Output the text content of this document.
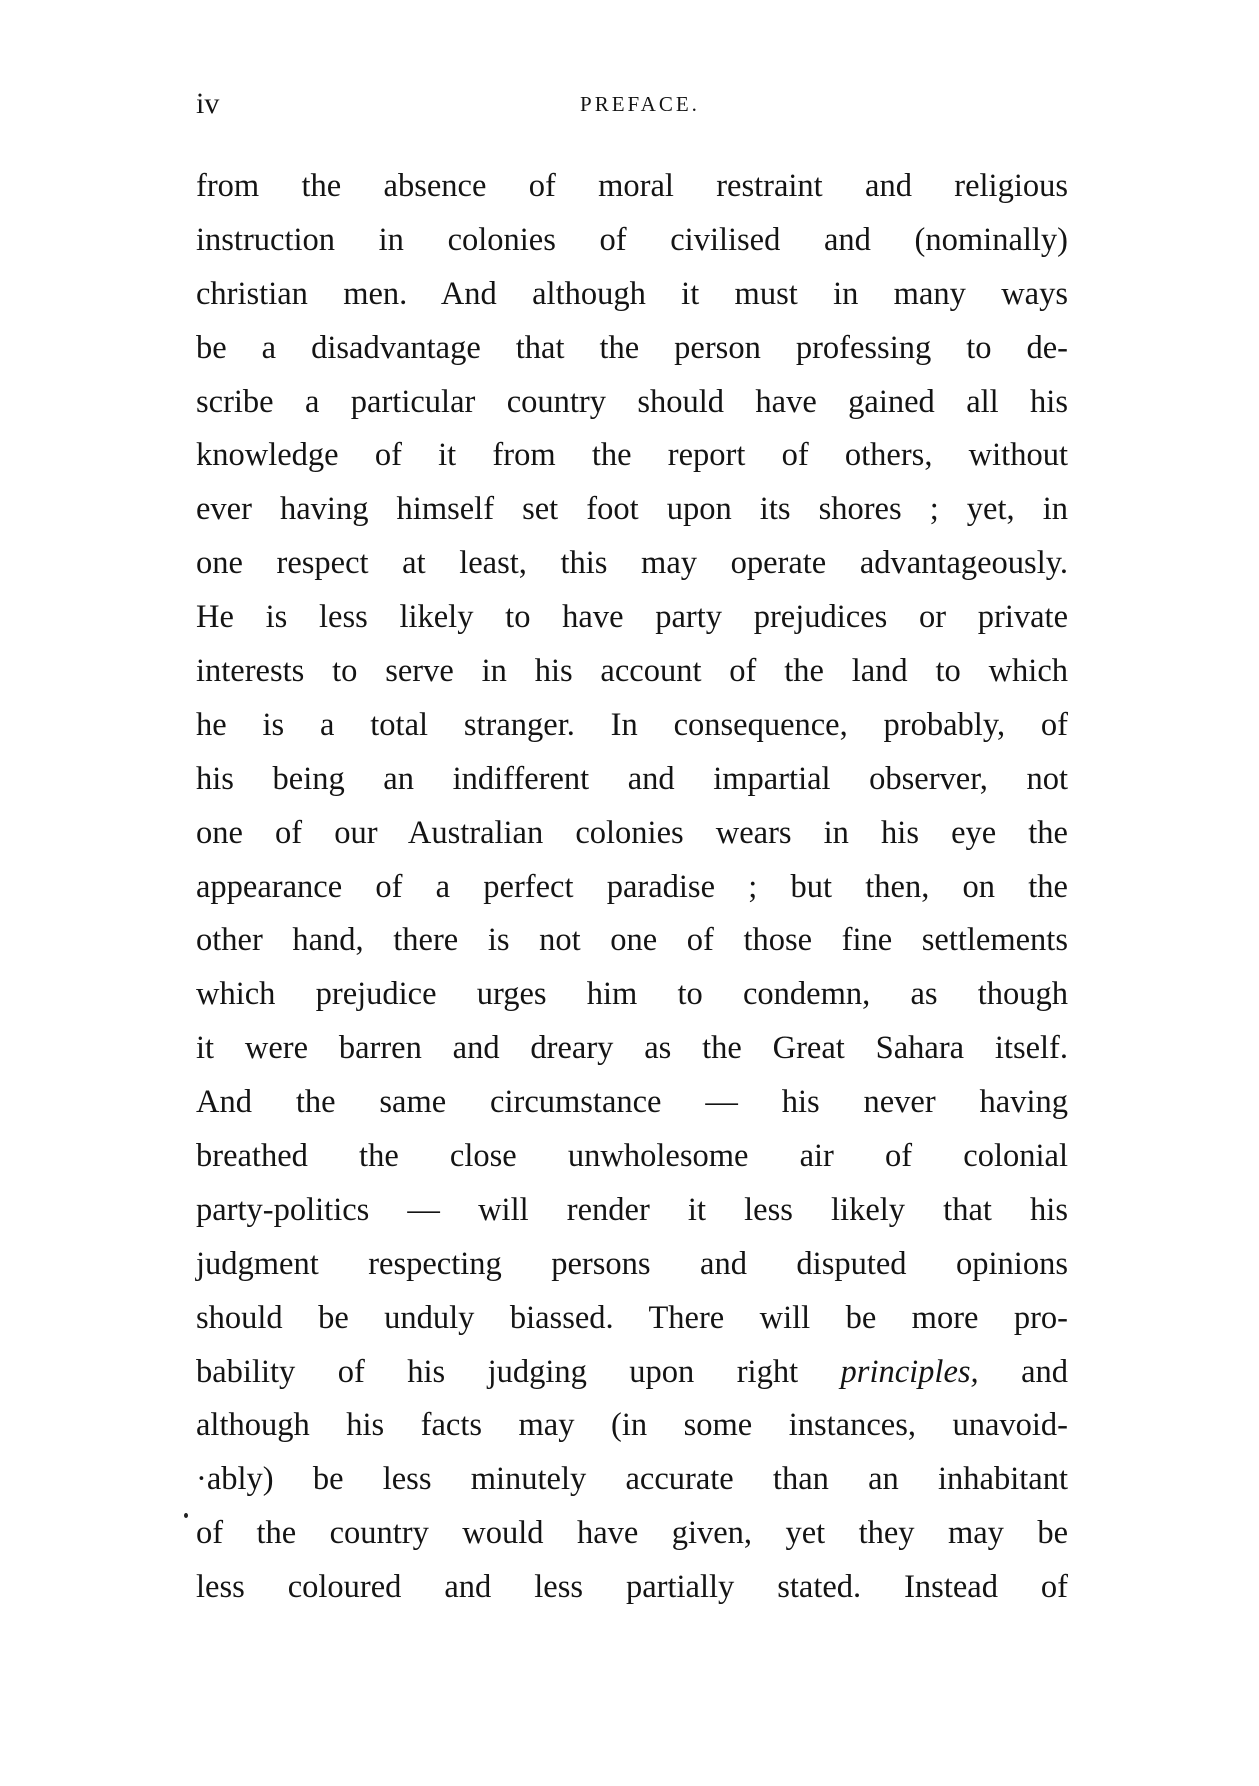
iv	PREFACE.
from the absence of moral restraint and religious
instruction in colonies of civilised and (nominally)
christian men. And although it must in many ways
be a disadvantage that the person professing to de-
scribe a particular country should have gained all his
knowledge of it from the report of others, without
ever having himself set foot upon its shores ; yet, in
one respect at least, this may operate advantageously.
He is less likely to have party prejudices or private
interests to serve in his account of the land to which
he is a total stranger. In consequence, probably, of
his being an indifferent and impartial observer, not
one of our Australian colonies wears in his eye the
appearance of a perfect paradise ; but then, on the
other hand, there is not one of those fine settlements
which prejudice urges him to condemn, as though
it were barren and dreary as the Great Sahara itself.
And the same circumstance — his never having
breathed the close unwholesome air of colonial
party-politics — will render it less likely that his
judgment respecting persons and disputed opinions
should be unduly biassed. There will be more pro-
bability of his judging upon right principles, and
although his facts may (in some instances, unavoid-
·ably) be less minutely accurate than an inhabitant
of the country would have given, yet they may be
less coloured and less partially stated. Instead of
